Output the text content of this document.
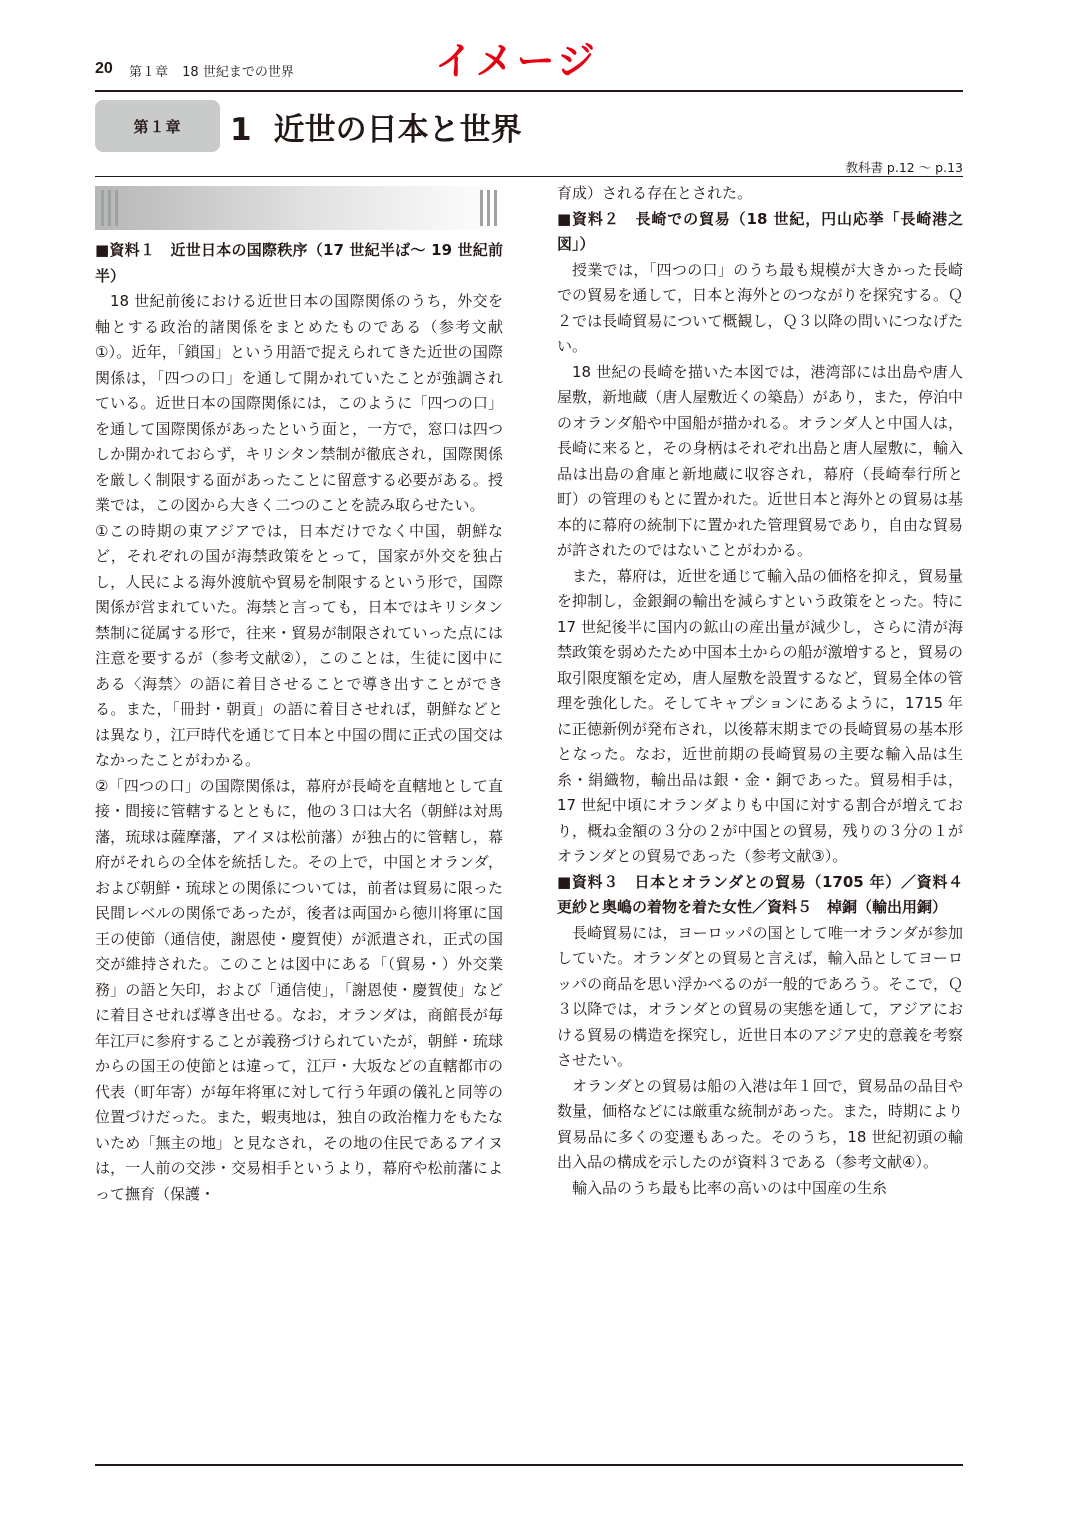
20 第１章 18 世紀までの世界	イメージ
第１章	1 近世の日本と世界
教科書 p.12 〜 p.13
■資料１　近世日本の国際秩序（17 世紀半ば〜 19 世紀前半）

18 世紀前後における近世日本の国際関係のうち，外交を軸とする政治的諸関係をまとめたものである（参考文献①）。近年，「鎖国」という用語で捉えられてきた近世の国際関係は，「四つの口」を通して開かれていたことが強調されている。近世日本の国際関係には，このように「四つの口」を通して国際関係があったという面と，一方で，窓口は四つしか開かれておらず，キリシタン禁制が徹底され，国際関係を厳しく制限する面があったことに留意する必要がある。授業では，この図から大きく二つのことを読み取らせたい。

①この時期の東アジアでは，日本だけでなく中国，朝鮮など，それぞれの国が海禁政策をとって，国家が外交を独占し，人民による海外渡航や貿易を制限するという形で，国際関係が営まれていた。海禁と言っても，日本ではキリシタン禁制に従属する形で，往来・貿易が制限されていった点には注意を要するが（参考文献②），このことは，生徒に図中にある〈海禁〉の語に着目させることで導き出すことができる。また，「冊封・朝貢」の語に着目させれば，朝鮮などとは異なり，江戸時代を通じて日本と中国の間に正式の国交はなかったことがわかる。

②「四つの口」の国際関係は，幕府が長崎を直轄地として直接・間接に管轄するとともに，他の３口は大名（朝鮮は対馬藩，琉球は薩摩藩，アイヌは松前藩）が独占的に管轄し，幕府がそれらの全体を統括した。その上で，中国とオランダ，および朝鮮・琉球との関係については，前者は貿易に限った民間レベルの関係であったが，後者は両国から徳川将軍に国王の使節（通信使，謝恩使・慶賀使）が派遣され，正式の国交が維持された。このことは図中にある「（貿易・）外交業務」の語と矢印，および「通信使」，「謝恩使・慶賀使」などに着目させれば導き出せる。なお，オランダは，商館長が毎年江戸に参府することが義務づけられていたが，朝鮮・琉球からの国王の使節とは違って，江戸・大坂などの直轄都市の代表（町年寄）が毎年将軍に対して行う年頭の儀礼と同等の位置づけだった。また，蝦夷地は，独自の政治権力をもたないため「無主の地」と見なされ，その地の住民であるアイヌは，一人前の交渉・交易相手というより，幕府や松前藩によって撫育（保護・

育成）される存在とされた。

■資料２　長崎での貿易（18 世紀，円山応挙「長崎港之図」）

授業では，「四つの口」のうち最も規模が大きかった長崎での貿易を通して，日本と海外とのつながりを探究する。Ｑ２では長崎貿易について概観し，Ｑ３以降の問いにつなげたい。

18 世紀の長崎を描いた本図では，港湾部には出島や唐人屋敷，新地蔵（唐人屋敷近くの築島）があり，また，停泊中のオランダ船や中国船が描かれる。オランダ人と中国人は，長崎に来ると，その身柄はそれぞれ出島と唐人屋敷に，輸入品は出島の倉庫と新地蔵に収容され，幕府（長崎奉行所と町）の管理のもとに置かれた。近世日本と海外との貿易は基本的に幕府の統制下に置かれた管理貿易であり，自由な貿易が許されたのではないことがわかる。

また，幕府は，近世を通じて輸入品の価格を抑え，貿易量を抑制し，金銀銅の輸出を減らすという政策をとった。特に 17 世紀後半に国内の鉱山の産出量が減少し，さらに清が海禁政策を弱めたため中国本土からの船が激増すると，貿易の取引限度額を定め，唐人屋敷を設置するなど，貿易全体の管理を強化した。そしてキャプションにあるように，1715 年に正徳新例が発布され，以後幕末期までの長崎貿易の基本形となった。なお，近世前期の長崎貿易の主要な輸入品は生糸・絹織物，輸出品は銀・金・銅であった。貿易相手は，17 世紀中頃にオランダよりも中国に対する割合が増えており，概ね金額の３分の２が中国との貿易，残りの３分の１がオランダとの貿易であった（参考文献③）。

■資料３　日本とオランダとの貿易（1705 年）／資料４　更紗と奥嶋の着物を着た女性／資料５　棹銅（輸出用銅）

長崎貿易には，ヨーロッパの国として唯一オランダが参加していた。オランダとの貿易と言えば，輸入品としてヨーロッパの商品を思い浮かべるのが一般的であろう。そこで，Ｑ３以降では，オランダとの貿易の実態を通して，アジアにおける貿易の構造を探究し，近世日本のアジア史的意義を考察させたい。

オランダとの貿易は船の入港は年１回で，貿易品の品目や数量，価格などには厳重な統制があった。また，時期により貿易品に多くの変遷もあった。そのうち，18 世紀初頭の輸出入品の構成を示したのが資料３である（参考文献④）。

輸入品のうち最も比率の高いのは中国産の生糸
